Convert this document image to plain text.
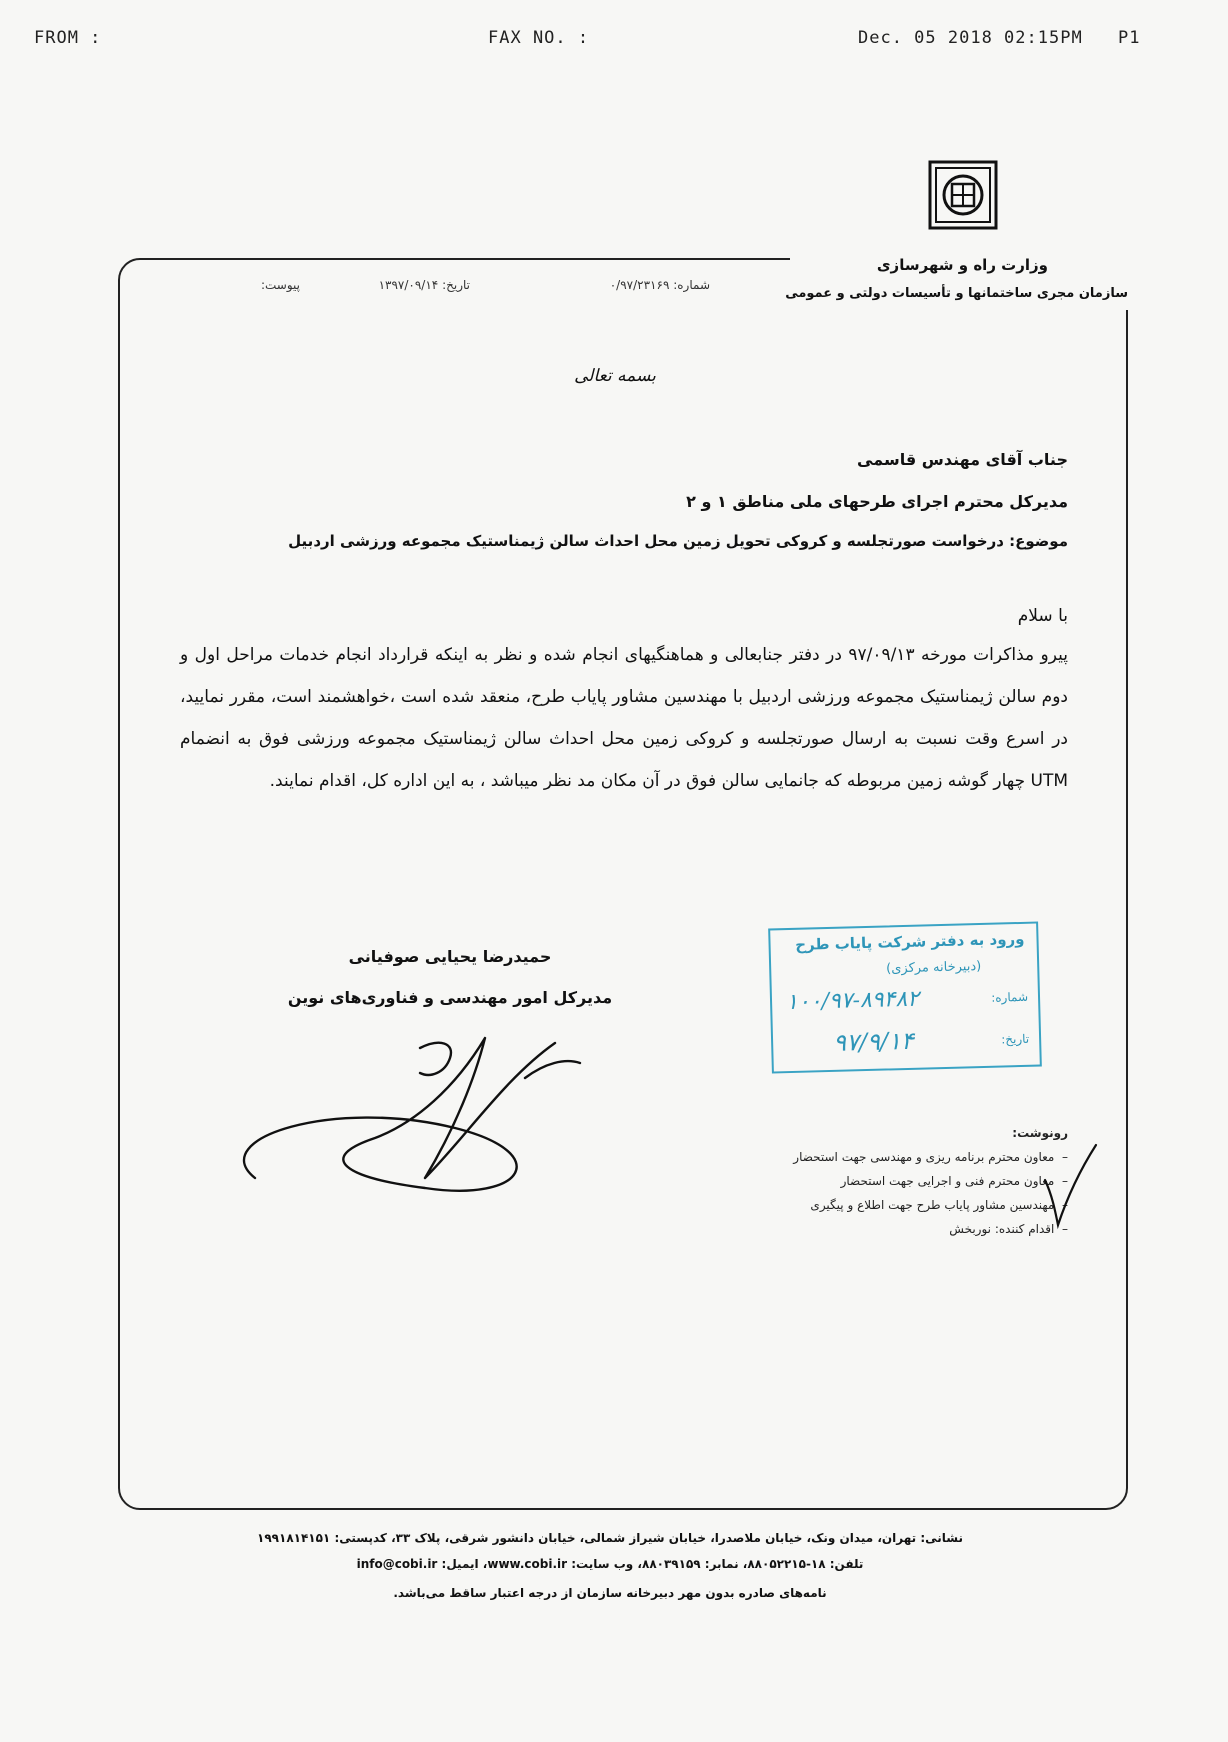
FROM :	FAX NO. :	Dec. 05 2018 02:15PM P1
وزارت راه و شهرسازی
سازمان مجری ساختمانها و تأسیسات دولتی و عمومی
شماره: ۰/۹۷/۲۳۱۶۹
تاریخ: ۱۳۹۷/۰۹/۱۴
پیوست:
بسمه تعالی
جناب آقای مهندس قاسمی
مدیرکل محترم اجرای طرحهای ملی مناطق ۱ و ۲
موضوع: درخواست صورتجلسه و کروکی تحویل زمین محل احداث سالن ژیمناستیک مجموعه ورزشی اردبیل
با سلام
پیرو مذاکرات مورخه ۹۷/۰۹/۱۳ در دفتر جنابعالی و هماهنگیهای انجام شده و نظر به اینکه قرارداد انجام خدمات مراحل اول و دوم سالن ژیمناستیک مجموعه ورزشی اردبیل با مهندسین مشاور پایاب طرح، منعقد شده است ،خواهشمند است، مقرر نمایید، در اسرع وقت نسبت به ارسال صورتجلسه و کروکی زمین محل احداث سالن ژیمناستیک مجموعه ورزشی فوق به انضمام UTM چهار گوشه زمین مربوطه که جانمایی سالن فوق در آن مکان مد نظر میباشد ، به این اداره کل، اقدام نمایند.
حمیدرضا یحیایی صوفیانی
مدیرکل امور مهندسی و فناوری‌های نوین
ورود به دفتر شرکت پایاب طرح
(دبیرخانه مرکزی)
شماره:
۱۰۰/۹۷-۸۹۴۸۲
تاریخ:
۹۷/۹/۱۴
رونوشت:
–  معاون محترم برنامه ریزی و مهندسی جهت استحضار
–  معاون محترم فنی و اجرایی جهت استحضار
–  مهندسین مشاور پایاب طرح جهت اطلاع و پیگیری
–  اقدام کننده: نوربخش
نشانی: تهران، میدان ونک، خیابان ملاصدرا، خیابان شیراز شمالی، خیابان دانشور شرقی، پلاک ۳۳، کدپستی: ۱۹۹۱۸۱۴۱۵۱
تلفن: ۱۸-۸۸۰۵۲۲۱۵، نمابر: ۸۸۰۳۹۱۵۹، وب سایت: www.cobi.ir، ایمیل: info@cobi.ir
نامه‌های صادره بدون مهر دبیرخانه سازمان از درجه اعتبار ساقط می‌باشد.
